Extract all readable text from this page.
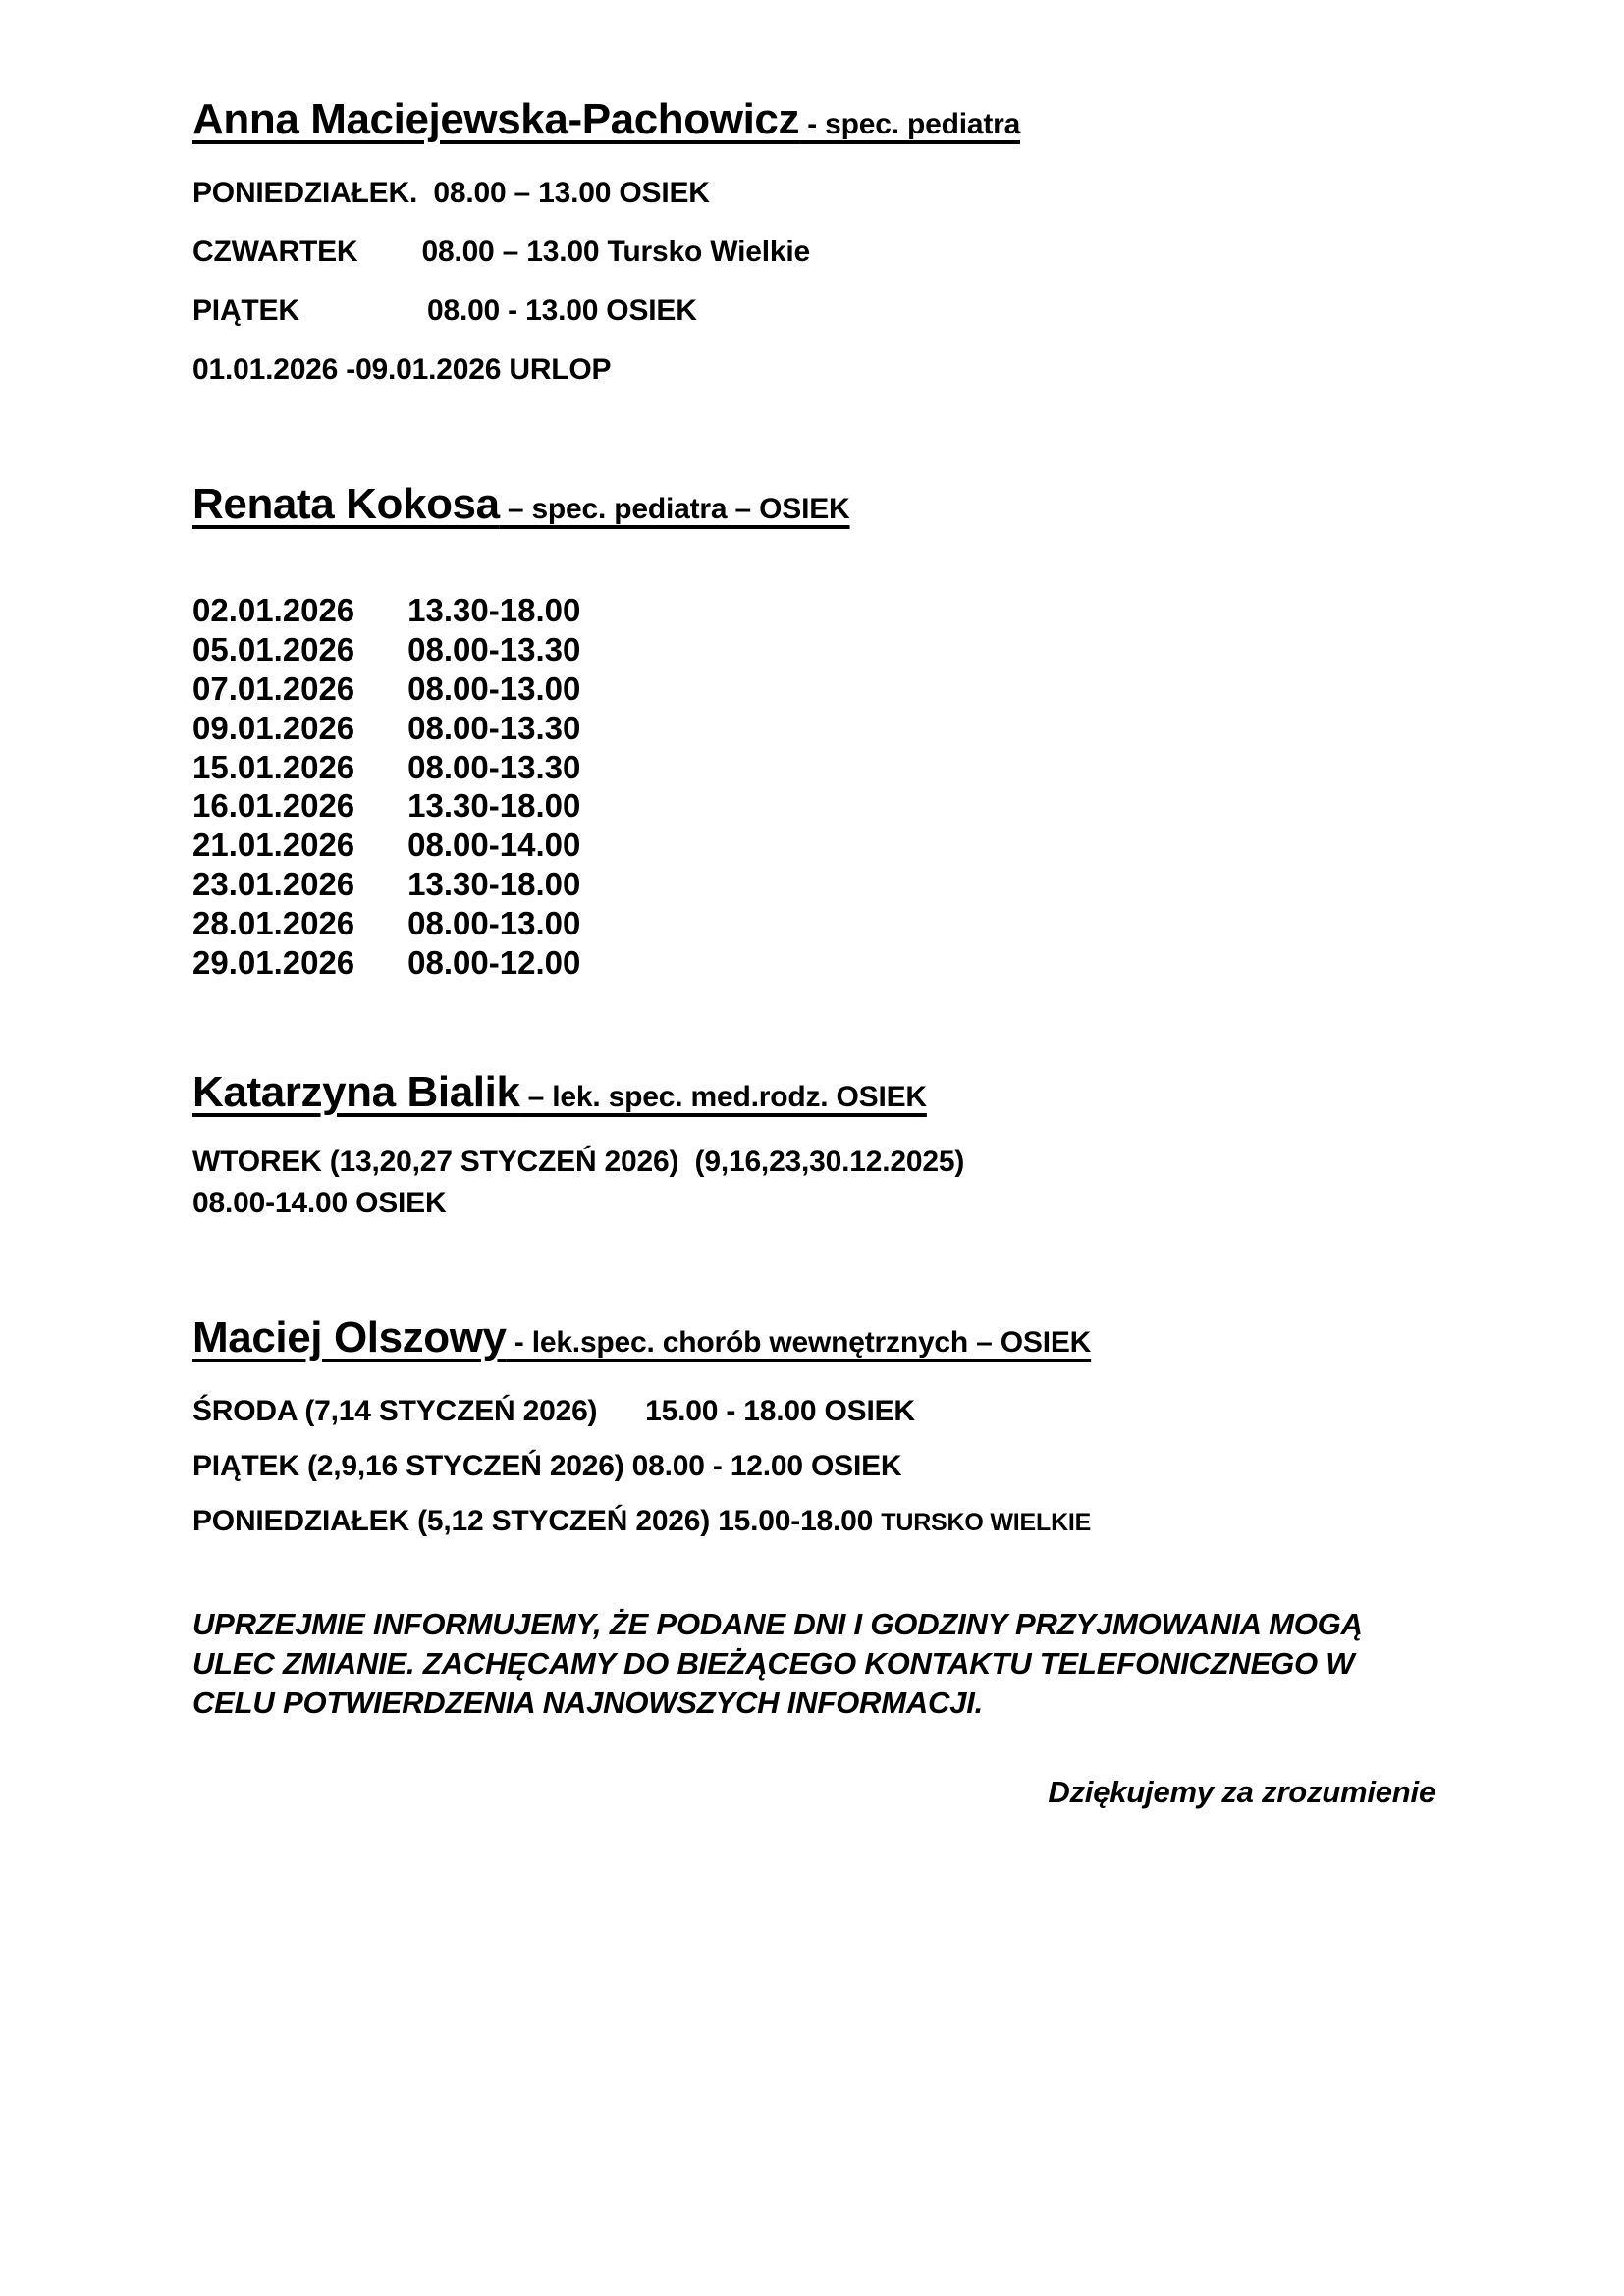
Anna Maciejewska-Pachowicz - spec. pediatra

PONIEDZIAŁEK.  08.00 – 13.00 OSIEK

CZWARTEK        08.00 – 13.00 Tursko Wielkie

PIĄTEK                08.00 - 13.00 OSIEK

01.01.2026 -09.01.2026 URLOP

Renata Kokosa – spec. pediatra – OSIEK
02.01.2026	13.30-18.00
05.01.2026	08.00-13.30
07.01.2026	08.00-13.00
09.01.2026	08.00-13.30
15.01.2026	08.00-13.30
16.01.2026	13.30-18.00
21.01.2026	08.00-14.00
23.01.2026	13.30-18.00
28.01.2026	08.00-13.00
29.01.2026	08.00-12.00
Katarzyna Bialik – lek. spec. med.rodz. OSIEK

WTOREK (13,20,27 STYCZEŃ 2026)  (9,16,23,30.12.2025)

08.00-14.00 OSIEK

Maciej Olszowy - lek.spec. chorób wewnętrznych – OSIEK

ŚRODA (7,14 STYCZEŃ 2026)      15.00 - 18.00 OSIEK

PIĄTEK (2,9,16 STYCZEŃ 2026) 08.00 - 12.00 OSIEK

PONIEDZIAŁEK (5,12 STYCZEŃ 2026) 15.00-18.00 TURSKO WIELKIE

UPRZEJMIE INFORMUJEMY, ŻE PODANE DNI I GODZINY PRZYJMOWANIA MOGĄ ULEC ZMIANIE. ZACHĘCAMY DO BIEŻĄCEGO KONTAKTU TELEFONICZNEGO W CELU POTWIERDZENIA NAJNOWSZYCH INFORMACJI.

Dziękujemy za zrozumienie
